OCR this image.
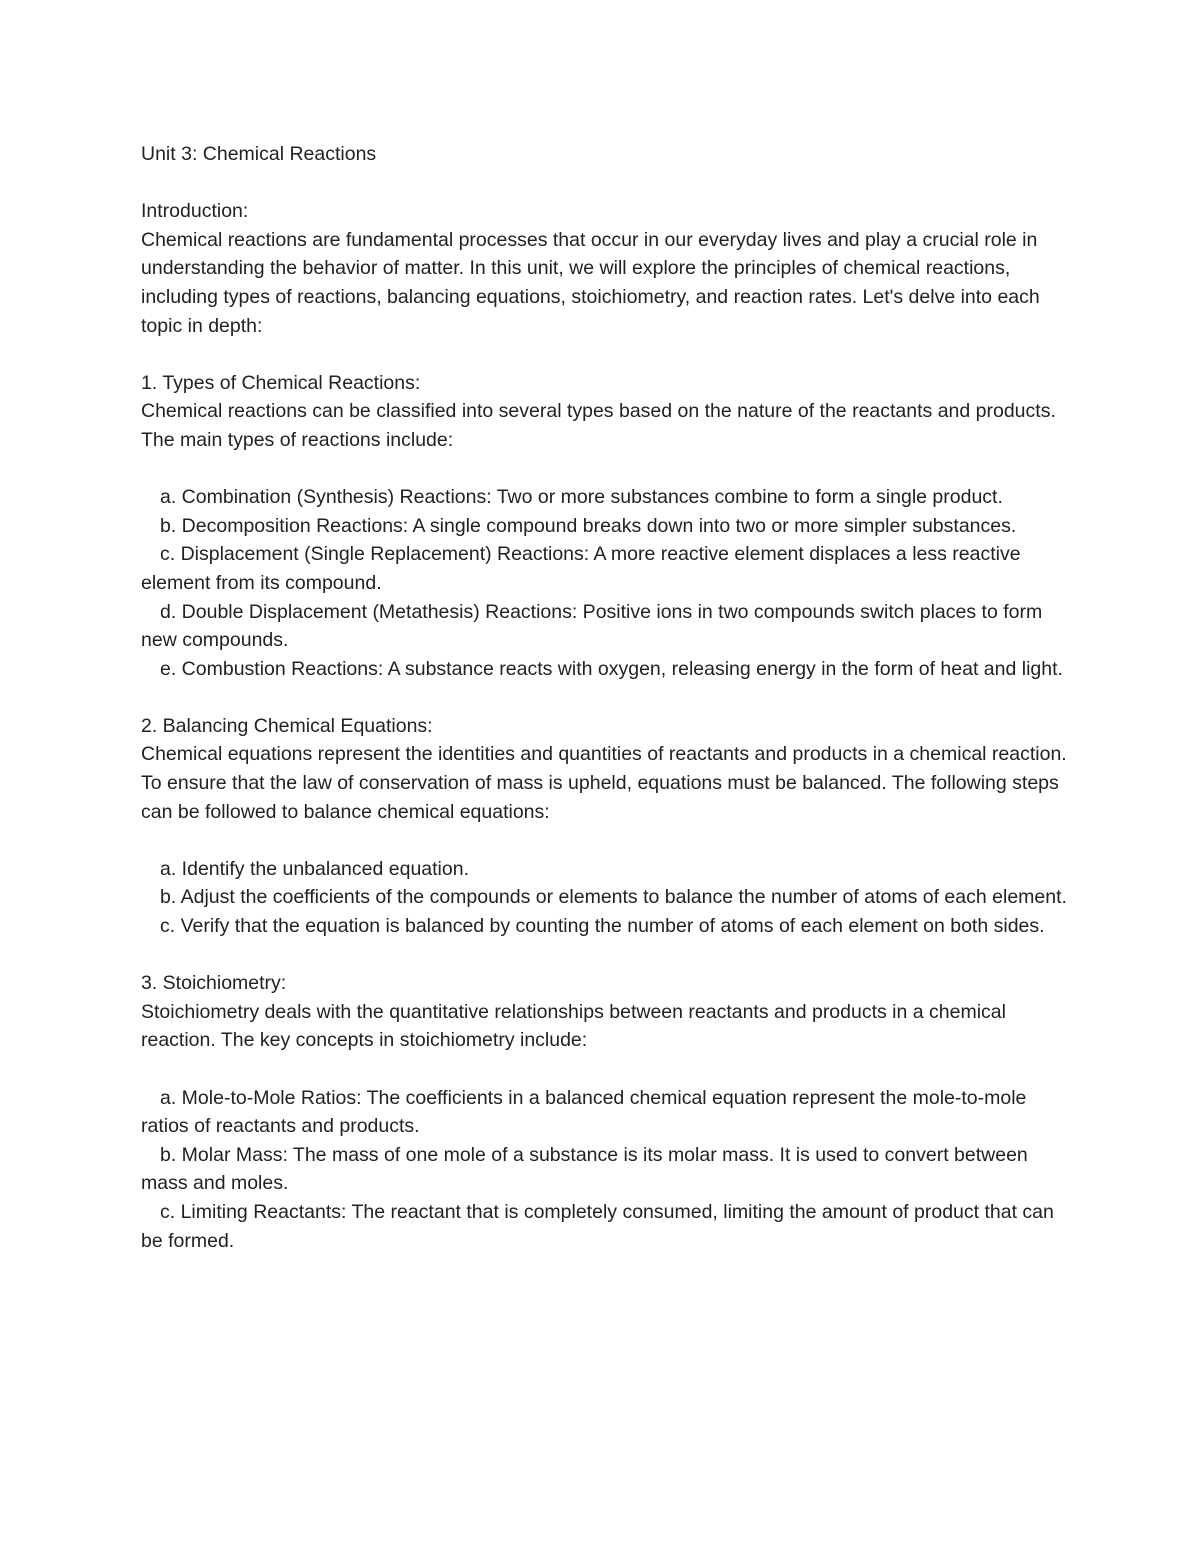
Unit 3: Chemical Reactions

Introduction:

Chemical reactions are fundamental processes that occur in our everyday lives and play a crucial role in understanding the behavior of matter. In this unit, we will explore the principles of chemical reactions, including types of reactions, balancing equations, stoichiometry, and reaction rates. Let's delve into each topic in depth:

1. Types of Chemical Reactions:

Chemical reactions can be classified into several types based on the nature of the reactants and products. The main types of reactions include:

a. Combination (Synthesis) Reactions: Two or more substances combine to form a single product.

b. Decomposition Reactions: A single compound breaks down into two or more simpler substances.

c. Displacement (Single Replacement) Reactions: A more reactive element displaces a less reactive element from its compound.

d. Double Displacement (Metathesis) Reactions: Positive ions in two compounds switch places to form new compounds.

e. Combustion Reactions: A substance reacts with oxygen, releasing energy in the form of heat and light.

2. Balancing Chemical Equations:

Chemical equations represent the identities and quantities of reactants and products in a chemical reaction. To ensure that the law of conservation of mass is upheld, equations must be balanced. The following steps can be followed to balance chemical equations:

a. Identify the unbalanced equation.

b. Adjust the coefficients of the compounds or elements to balance the number of atoms of each element.

c. Verify that the equation is balanced by counting the number of atoms of each element on both sides.

3. Stoichiometry:

Stoichiometry deals with the quantitative relationships between reactants and products in a chemical reaction. The key concepts in stoichiometry include:

a. Mole-to-Mole Ratios: The coefficients in a balanced chemical equation represent the mole-to-mole ratios of reactants and products.

b. Molar Mass: The mass of one mole of a substance is its molar mass. It is used to convert between mass and moles.

c. Limiting Reactants: The reactant that is completely consumed, limiting the amount of product that can be formed.
